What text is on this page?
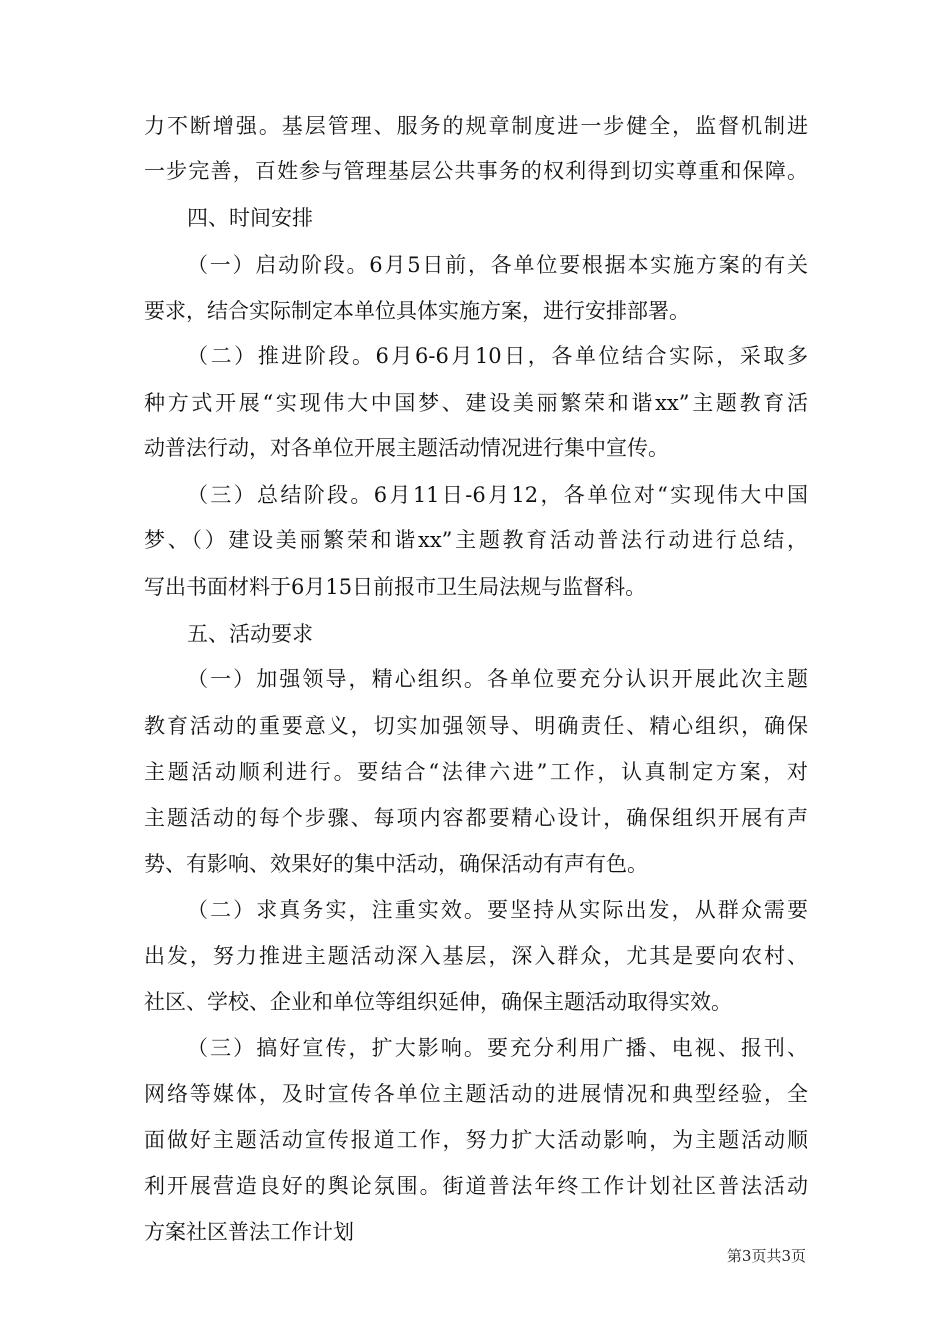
力不断增强。基层管理、服务的规章制度进一步健全，监督机制进
一步完善，百姓参与管理基层公共事务的权利得到切实尊重和保障。
四、时间安排
（一）启动阶段。6月5日前，各单位要根据本实施方案的有关
要求，结合实际制定本单位具体实施方案，进行安排部署。
（二）推进阶段。6月6-6月10日，各单位结合实际，采取多
种方式开展“实现伟大中国梦、建设美丽繁荣和谐xx”主题教育活
动普法行动，对各单位开展主题活动情况进行集中宣传。
（三）总结阶段。6月11日-6月12，各单位对“实现伟大中国
梦、（）建设美丽繁荣和谐xx”主题教育活动普法行动进行总结，
写出书面材料于6月15日前报市卫生局法规与监督科。
五、活动要求
（一）加强领导，精心组织。各单位要充分认识开展此次主题
教育活动的重要意义，切实加强领导、明确责任、精心组织，确保
主题活动顺利进行。要结合“法律六进”工作，认真制定方案，对
主题活动的每个步骤、每项内容都要精心设计，确保组织开展有声
势、有影响、效果好的集中活动，确保活动有声有色。
（二）求真务实，注重实效。要坚持从实际出发，从群众需要
出发，努力推进主题活动深入基层，深入群众，尤其是要向农村、
社区、学校、企业和单位等组织延伸，确保主题活动取得实效。
（三）搞好宣传，扩大影响。要充分利用广播、电视、报刊、
网络等媒体，及时宣传各单位主题活动的进展情况和典型经验，全
面做好主题活动宣传报道工作，努力扩大活动影响，为主题活动顺
利开展营造良好的舆论氛围。街道普法年终工作计划社区普法活动
方案社区普法工作计划
第3页共3页
